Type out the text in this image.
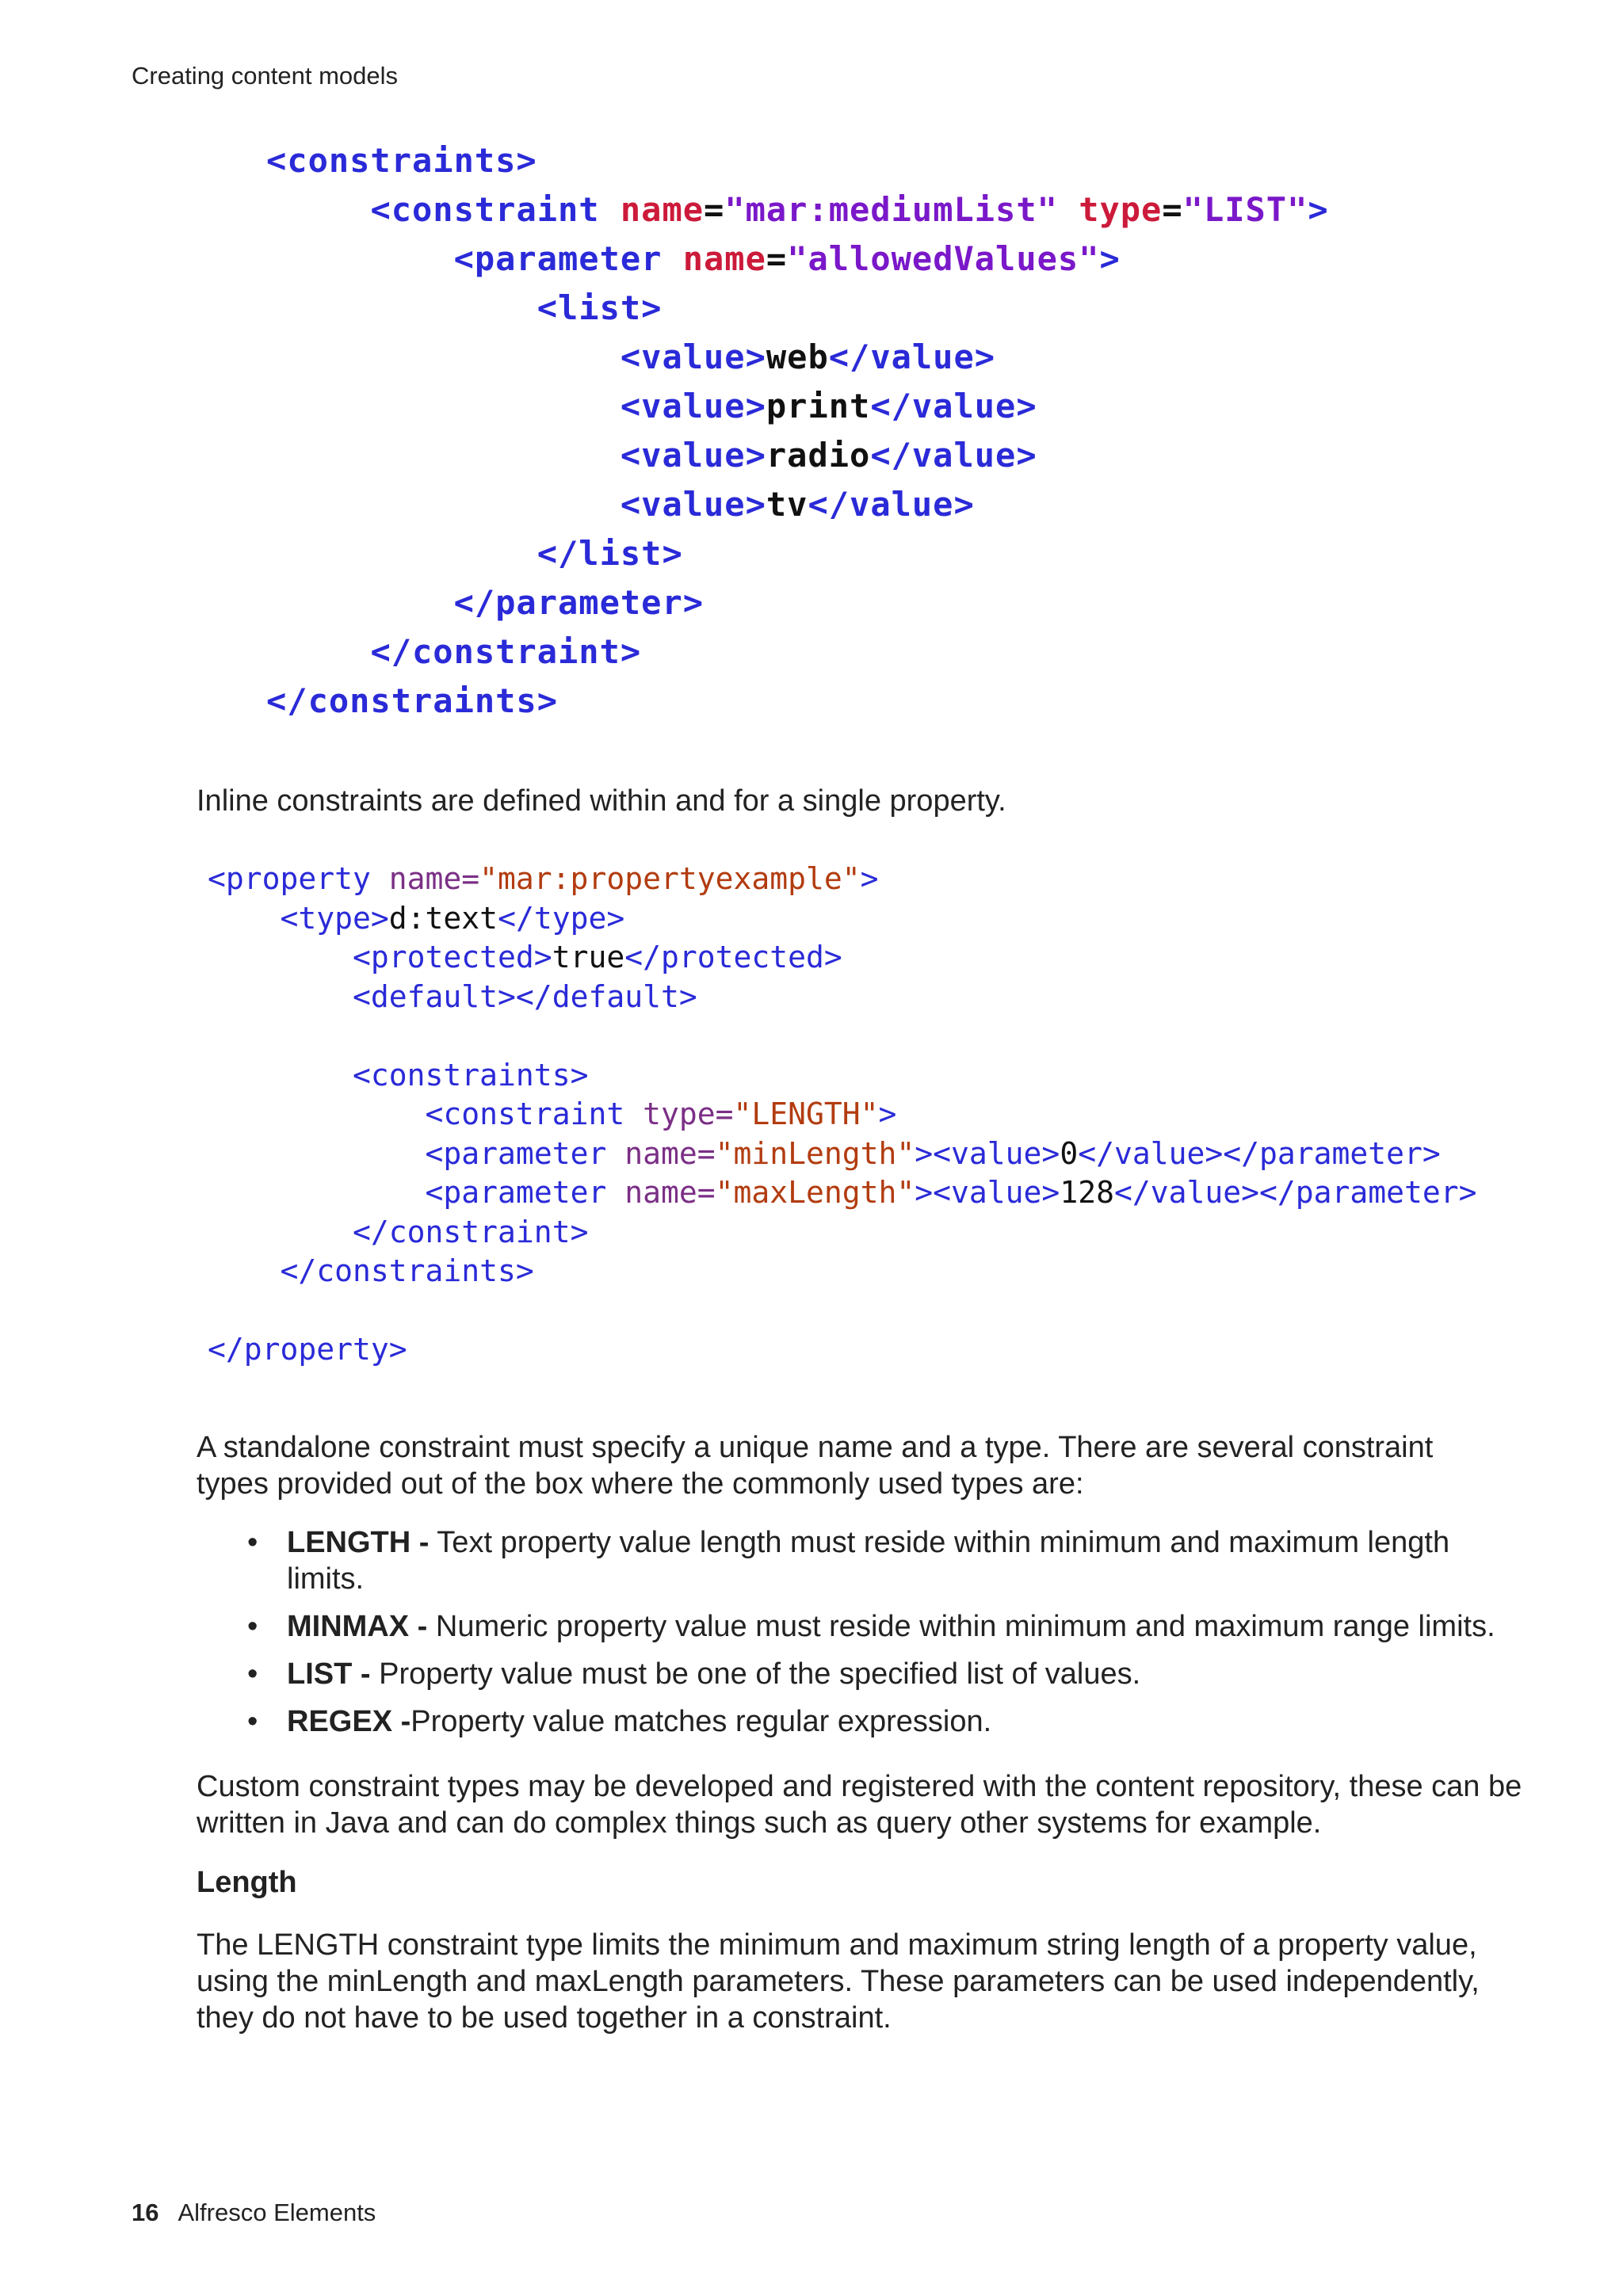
Creating content models
<constraints>
<constraint name="mar:mediumList" type="LIST">
<parameter name="allowedValues">
<list>
<value>web</value>
<value>print</value>
<value>radio</value>
<value>tv</value>
</list>
</parameter>
</constraint>
</constraints>
Inline constraints are defined within and for a single property.
<property name="mar:propertyexample">
<type>d:text</type>
<protected>true</protected>
<default></default>

<constraints>
<constraint type="LENGTH">
<parameter name="minLength"><value>0</value></parameter>
<parameter name="maxLength"><value>128</value></parameter>
</constraint>
</constraints>

</property>
A standalone constraint must specify a unique name and a type. There are several constraint types provided out of the box where the commonly used types are:
• LENGTH - Text property value length must reside within minimum and maximum length limits.
• MINMAX - Numeric property value must reside within minimum and maximum range limits.
• LIST - Property value must be one of the specified list of values.
• REGEX -Property value matches regular expression.
Custom constraint types may be developed and registered with the content repository, these can be written in Java and can do complex things such as query other systems for example.
Length
The LENGTH constraint type limits the minimum and maximum string length of a property value, using the minLength and maxLength parameters. These parameters can be used independently, they do not have to be used together in a constraint.
16 Alfresco Elements
